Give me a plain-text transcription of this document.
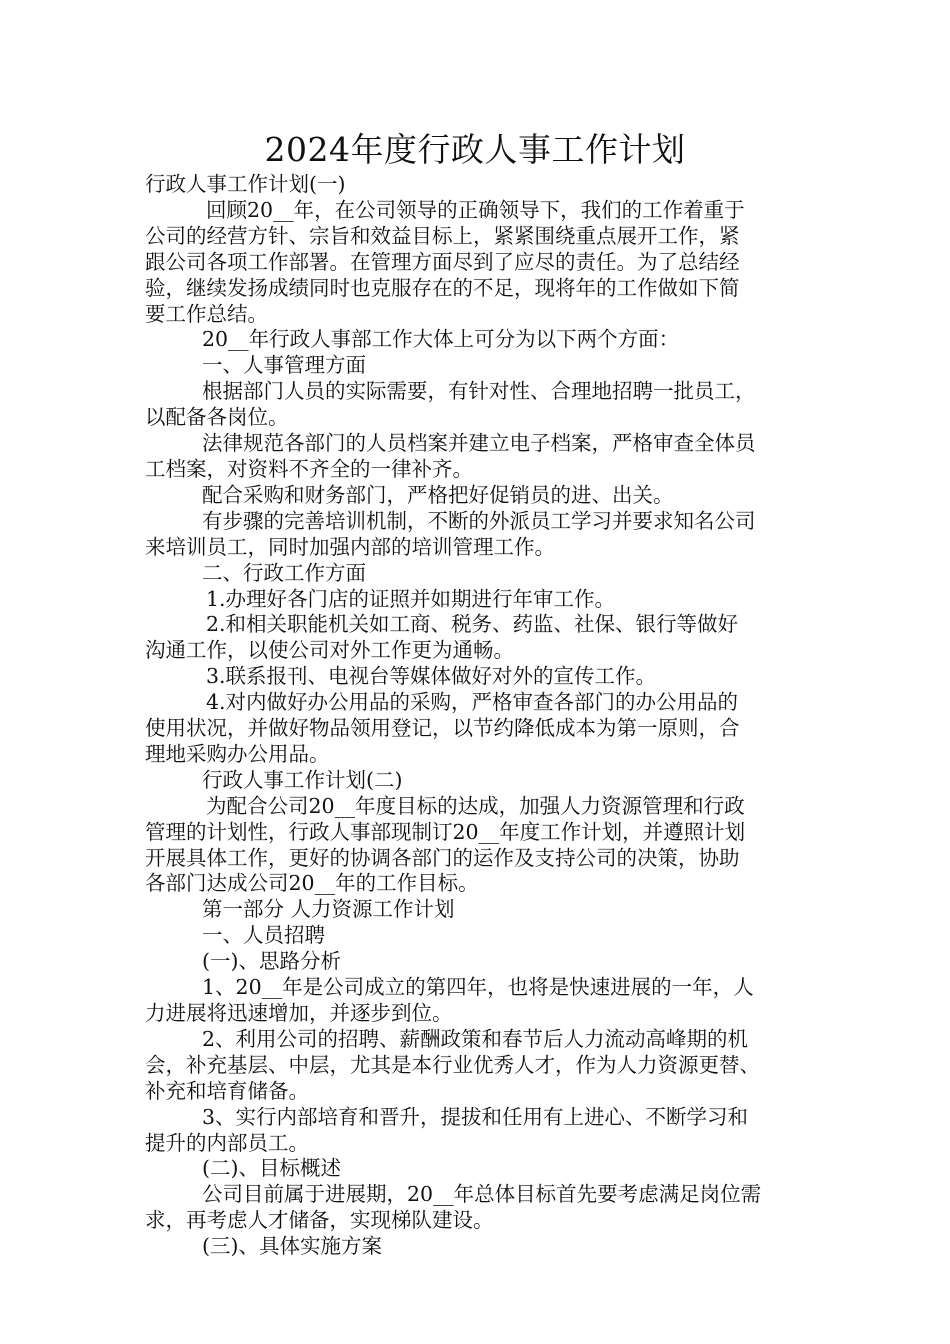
2024年度行政人事工作计划

行政人事工作计划(一)

回顾20__年，在公司领导的正确领导下，我们的工作着重于

公司的经营方针、宗旨和效益目标上，紧紧围绕重点展开工作，紧

跟公司各项工作部署。在管理方面尽到了应尽的责任。为了总结经

验，继续发扬成绩同时也克服存在的不足，现将年的工作做如下简

要工作总结。

20__年行政人事部工作大体上可分为以下两个方面：

一、人事管理方面

根据部门人员的实际需要，有针对性、合理地招聘一批员工，

以配备各岗位。

法律规范各部门的人员档案并建立电子档案，严格审查全体员

工档案，对资料不齐全的一律补齐。

配合采购和财务部门，严格把好促销员的进、出关。

有步骤的完善培训机制，不断的外派员工学习并要求知名公司

来培训员工，同时加强内部的培训管理工作。

二、行政工作方面

1.办理好各门店的证照并如期进行年审工作。

2.和相关职能机关如工商、税务、药监、社保、银行等做好

沟通工作，以使公司对外工作更为通畅。

3.联系报刊、电视台等媒体做好对外的宣传工作。

4.对内做好办公用品的采购，严格审查各部门的办公用品的

使用状况，并做好物品领用登记，以节约降低成本为第一原则，合

理地采购办公用品。

行政人事工作计划(二)

为配合公司20__年度目标的达成，加强人力资源管理和行政

管理的计划性，行政人事部现制订20__年度工作计划，并遵照计划

开展具体工作，更好的协调各部门的运作及支持公司的决策，协助

各部门达成公司20__年的工作目标。

第一部分 人力资源工作计划

一、人员招聘

(一)、思路分析

1、20__年是公司成立的第四年，也将是快速进展的一年，人

力进展将迅速增加，并逐步到位。

2、利用公司的招聘、薪酬政策和春节后人力流动高峰期的机

会，补充基层、中层，尤其是本行业优秀人才，作为人力资源更替、

补充和培育储备。

3、实行内部培育和晋升，提拔和任用有上进心、不断学习和

提升的内部员工。

(二)、目标概述

公司目前属于进展期，20__年总体目标首先要考虑满足岗位需

求，再考虑人才储备，实现梯队建设。

(三)、具体实施方案
